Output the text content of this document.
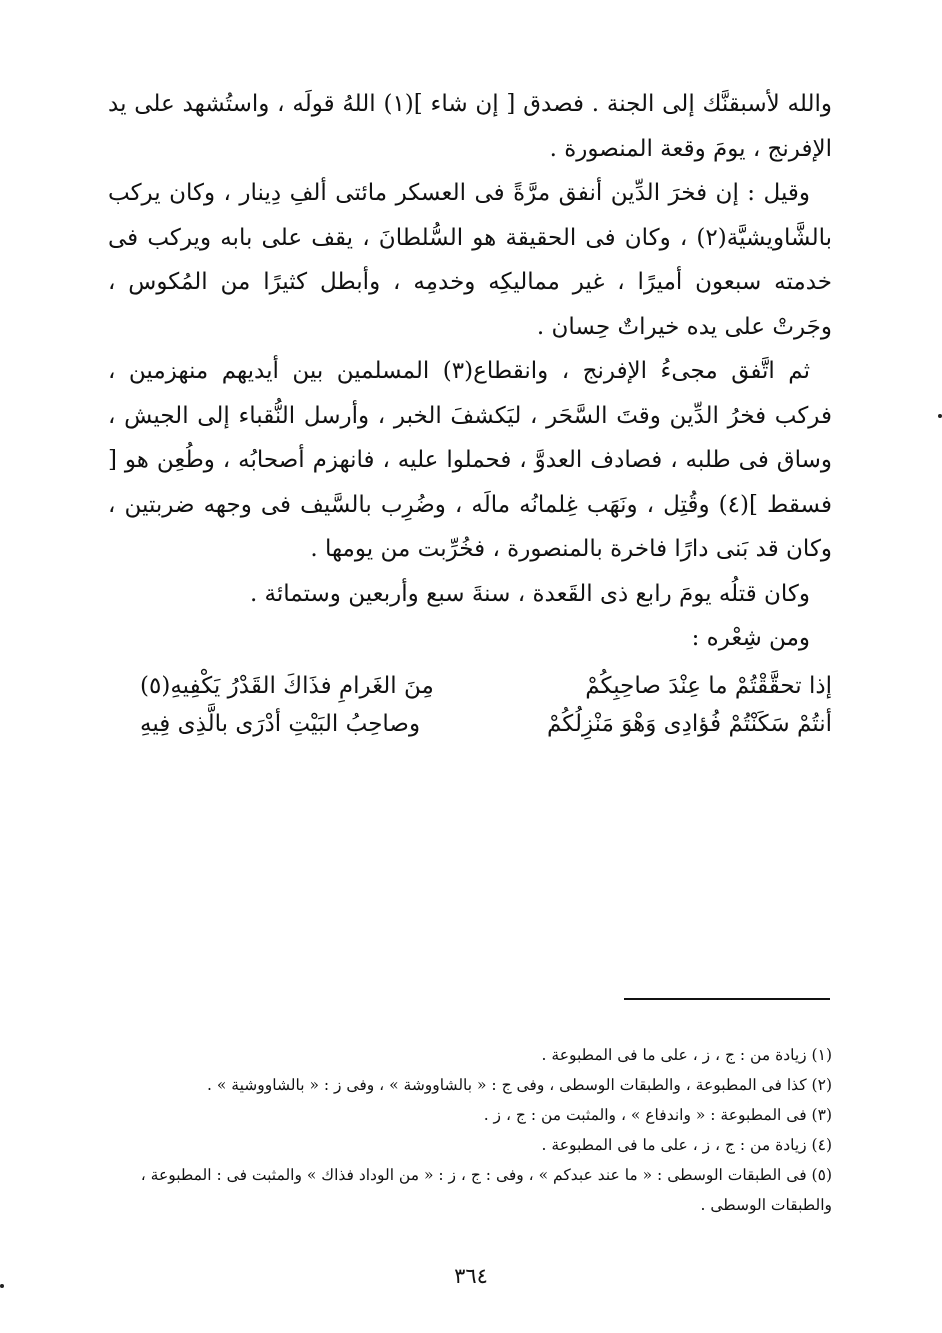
والله لأسبقنَّك إلى الجنة . فصدق [ إن شاء ](١) اللهُ قولَه ، واستُشهد على يد الإفرنج ، يومَ وقعة المنصورة .

وقيل : إن فخرَ الدِّين أنفق مرَّةً فى العسكر مائتى ألفِ دِينار ، وكان يركب بالشَّاويشيَّة(٢) ، وكان فى الحقيقة هو السُّلطانَ ، يقف على بابه ويركب فى خدمته سبعون أميرًا ، غير مماليكِه وخدمِه ، وأبطل كثيرًا من المُكوس ، وجَرتْ على يده خيراتٌ حِسان .

ثم اتَّفق مجىءُ الإفرنج ، وانقطاع(٣) المسلمين بين أيديهم منهزمين ، فركب فخرُ الدِّين وقتَ السَّحَر ، ليَكشفَ الخبر ، وأرسل النُّقباء إلى الجيش ، وساق فى طلبه ، فصادف العدوَّ ، فحملوا عليه ، فانهزم أصحابُه ، وطُعِن هو [ فسقط ](٤) وقُتِل ، ونَهَب غِلمانُه مالَه ، وضُرِب بالسَّيف فى وجهه ضربتين ، وكان قد بَنى دارًا فاخرة بالمنصورة ، فخُرِّبت من يومها .

وكان قتلُه يومَ رابع ذى القَعدة ، سنةَ سبع وأربعين وستمائة .

ومن شِعْره :

إذا تحقَّقْتُمْ ما عِنْدَ صاحِبِكُمْ
مِنَ الغَرامِ فذَاكَ القَدْرُ يَكْفِيهِ(٥)
أنتُمْ سَكَنْتُمْ فُؤادِى وَهْوَ مَنْزِلُكُمْ
وصاحِبُ البَيْتِ أدْرَى بالَّذِى فِيهِ

(١) زيادة من : ج ، ز ، على ما فى المطبوعة .

(٢) كذا فى المطبوعة ، والطبقات الوسطى ، وفى ج : « بالشاووشة » ، وفى ز : « بالشاووشية » .

(٣) فى المطبوعة : « واندفاع » ، والمثبت من : ج ، ز .

(٤) زيادة من : ج ، ز ، على ما فى المطبوعة .

(٥) فى الطبقات الوسطى : « ما عند عبدكم » ، وفى : ج ، ز : « من الوداد فذاك » والمثبت فى : المطبوعة ، والطبقات الوسطى .

٣٦٤
